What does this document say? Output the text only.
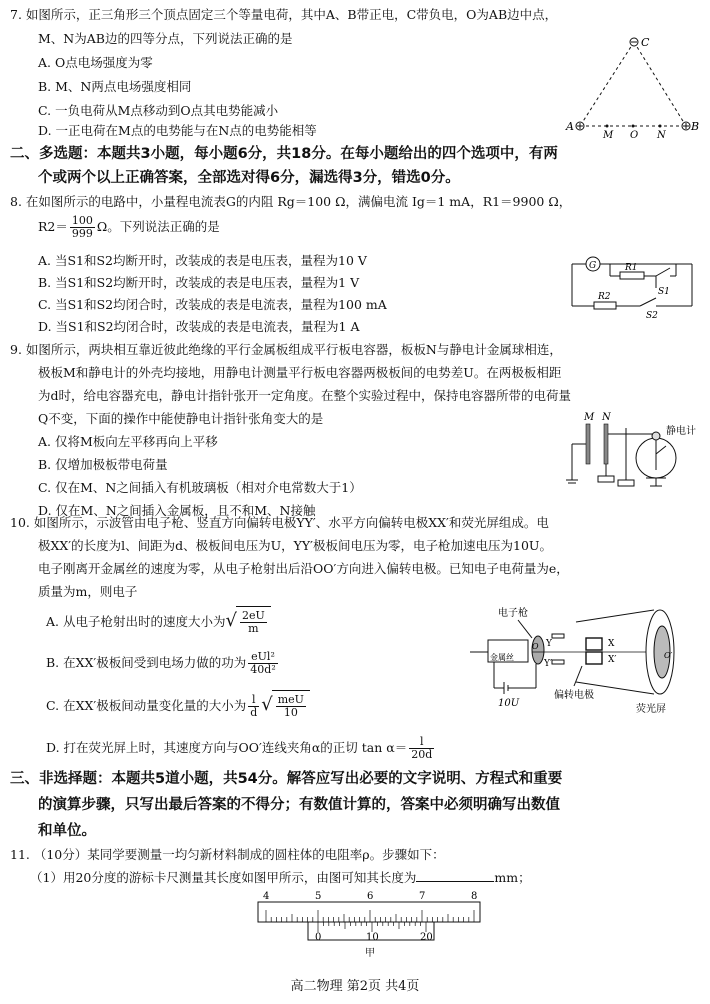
7. 如图所示，正三角形三个顶点固定三个等量电荷，其中A、B带正电，C带负电，O为AB边中点，
M、N为AB边的四等分点，下列说法正确的是
A. O点电场强度为零
B. M、N两点电场强度相同
C. 一负电荷从M点移动到O点其电势能减小
D. 一正电荷在M点的电势能与在N点的电势能相等
C
A	B
M O N
二、多选题：本题共3小题，每小题6分，共18分。在每小题给出的四个选项中，有两
个或两个以上正确答案，全部选对得6分，漏选得3分，错选0分。
8. 在如图所示的电路中，小量程电流表G的内阻 Rg＝100 Ω，满偏电流 Ig＝1 mA，R1＝9900 Ω，
$R2= \frac{100}{999}$ Ω。下列说法正确的是
A. 当S1和S2均断开时，改装成的表是电压表，量程为10 V
B. 当S1和S2均断开时，改装成的表是电压表，量程为1 V
C. 当S1和S2均闭合时，改装成的表是电流表，量程为100 mA
D. 当S1和S2均闭合时，改装成的表是电流表，量程为1 A
G	R1
S1
R2
S2
9. 如图所示，两块相互靠近彼此绝缘的平行金属板组成平行板电容器，板板N与静电计金属球相连，
极板M和静电计的外壳均接地，用静电计测量平行板电容器两极板间的电势差U。在两极板相距
为d时，给电容器充电，静电计指针张开一定角度。在整个实验过程中，保持电容器所带的电荷量
Q不变，下面的操作中能使静电计指针张角变大的是
A. 仅将M板向左平移再向上平移
B. 仅增加极板带电荷量
C. 仅在M、N之间插入有机玻璃板（相对介电常数大于1）
D. 仅在M、N之间插入金属板，且不和M、N接触
M N
静电计
10. 如图所示，示波管由电子枪、竖直方向偏转电极YY′、水平方向偏转电极XX′和荧光屏组成。电
极XX′的长度为l、间距为d、极板间电压为U，YY′极板间电压为零，电子枪加速电压为10U。
电子刚离开金属丝的速度为零，从电子枪射出后沿OO′方向进入偏转电极。已知电子电荷量为e，
质量为m，则电子
A. 从电子枪射出时的速度大小为√ $\frac{2eU}{m}$
B. 在XX′极板间受到电场力做的功为 $\frac{\text{eUl²}}{\text{40d²}}$
C. 在XX′极板间动量变化量的大小为 $\frac{l}{d}$ √ $\frac{\text{meU}}{10}$
D. 打在荧光屏上时，其速度方向与OO′连线夹角α的正切 $\tan \alpha= \frac{l}{20d}$
电子枪
金属丝
Y
Y′
X
X′
O
O′
偏转电极
荧光屏
10U
三、非选择题：本题共5道小题，共54分。解答应写出必要的文字说明、方程式和重要
的演算步骤，只写出最后答案的不得分；有数值计算的，答案中必须明确写出数值
和单位。
11. （10分）某同学要测量一均匀新材料制成的圆柱体的电阻率ρ。步骤如下：
（1）用20分度的游标卡尺测量其长度如图甲所示，由图可知其长度为	mm；
4	5	6	7	8
0	10	20
甲
高二物理 第2页 共4页
